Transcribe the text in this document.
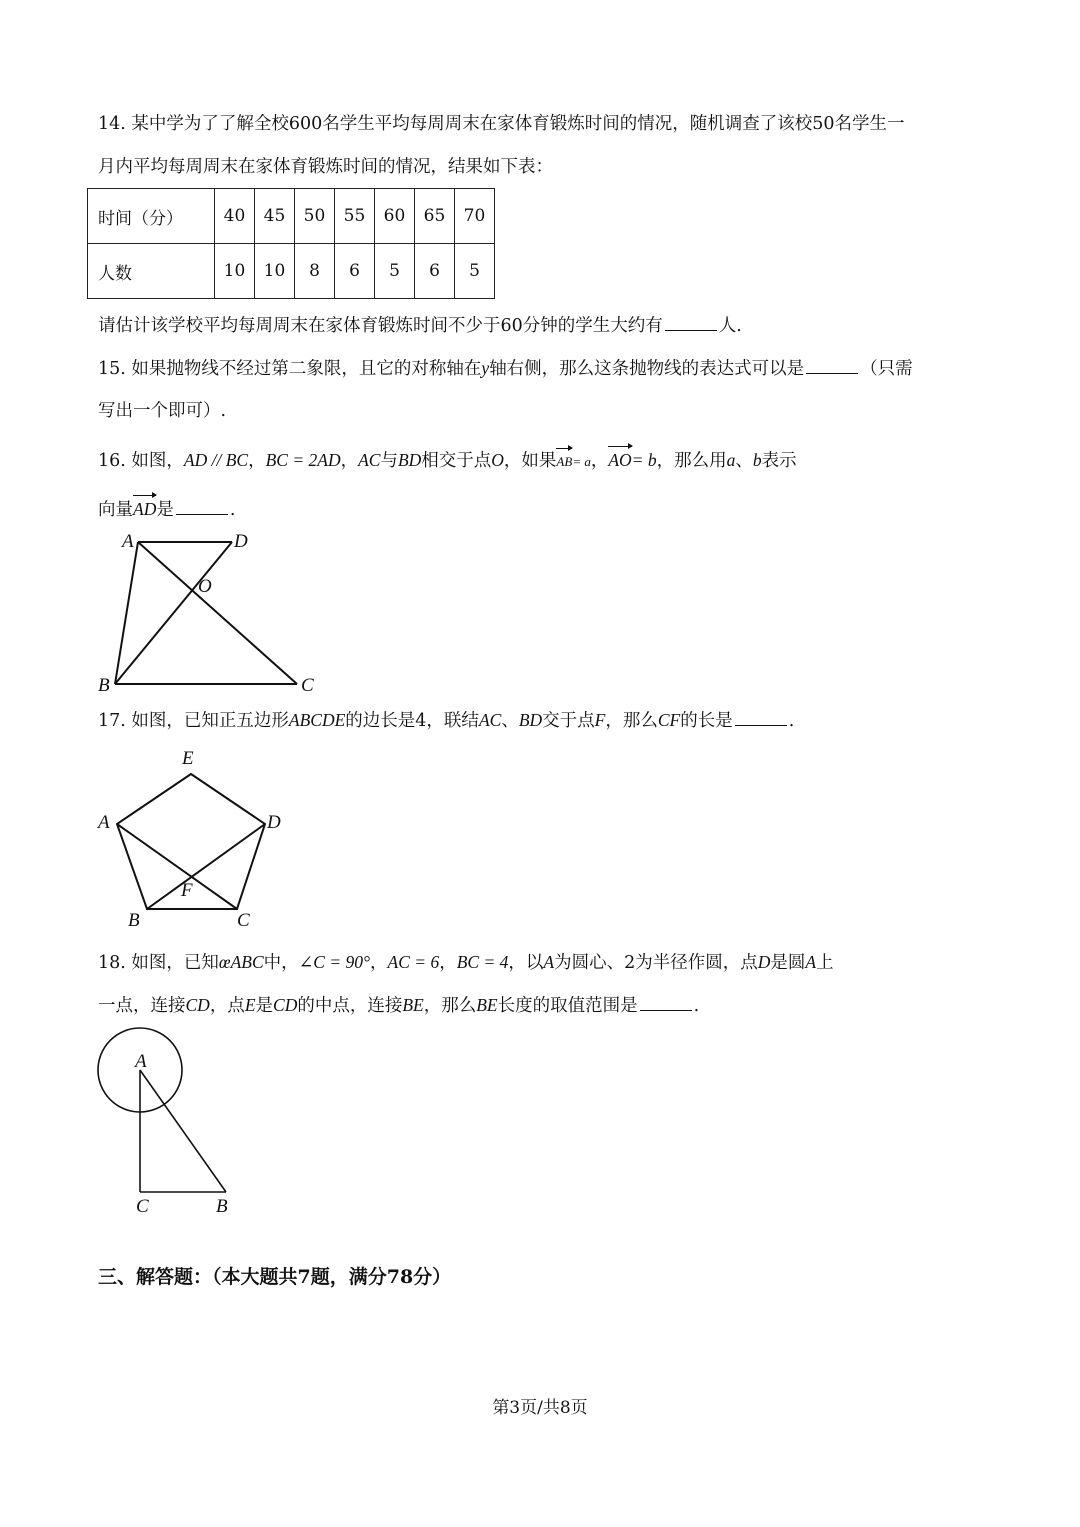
14. 某中学为了了解全校600名学生平均每周周末在家体育锻炼时间的情况，随机调查了该校50名学生一
月内平均每周周末在家体育锻炼时间的情况，结果如下表：
时间（分）	40	45	50	55	60	65	70
人数	10	10	8	6	5	6	5
请估计该学校平均每周周末在家体育锻炼时间不少于60分钟的学生大约有	人.
15. 如果抛物线不经过第二象限，且它的对称轴在y轴右侧，那么这条抛物线的表达式可以是	（只需
写出一个即可）.
16. 如图，AD // BC，BC = 2AD，AC与BD相交于点O，如果AB= a，AO= b，那么用a、b表示
向量AD是	.
A	D
O
B	C
17. 如图，已知正五边形ABCDE的边长是4，联结AC、BD交于点F，那么CF的长是	.
E
A	D
F
B	C
18. 如图，已知œABC中，∠C = 90°，AC = 6，BC = 4，以A为圆心、2为半径作圆，点D是圆A上
一点，连接CD，点E是CD的中点，连接BE，那么BE长度的取值范围是	.
A
C	B
三、解答题：（本大题共7题，满分78分）
第3页/共8页
